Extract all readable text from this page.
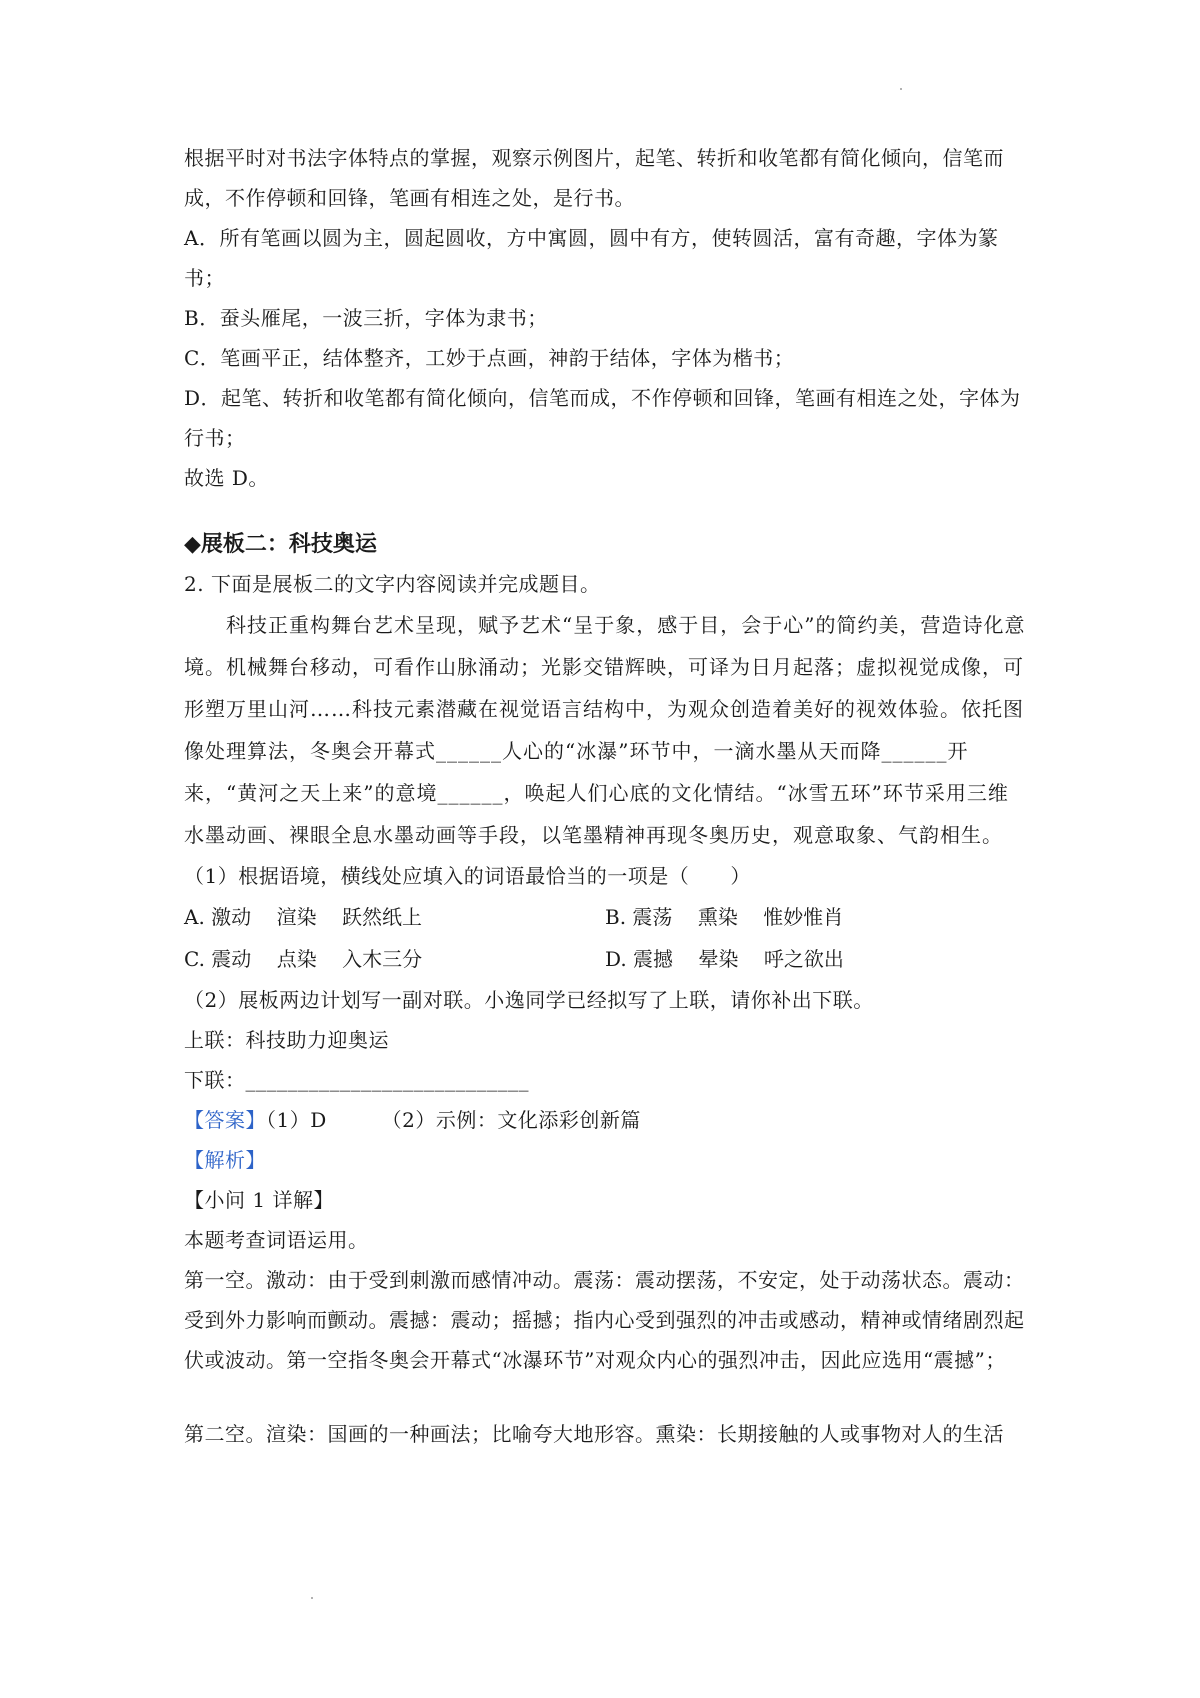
根据平时对书法字体特点的掌握，观察示例图片，起笔、转折和收笔都有简化倾向，信笔而成，不作停顿和回锋，笔画有相连之处，是行书。

A．所有笔画以圆为主，圆起圆收，方中寓圆，圆中有方，使转圆活，富有奇趣，字体为篆书；

B．蚕头雁尾，一波三折，字体为隶书；

C．笔画平正，结体整齐，工妙于点画，神韵于结体，字体为楷书；

D．起笔、转折和收笔都有简化倾向，信笔而成，不作停顿和回锋，笔画有相连之处，字体为行书；

故选 D。

◆展板二：科技奥运

2. 下面是展板二的文字内容阅读并完成题目。

科技正重构舞台艺术呈现，赋予艺术“呈于象，感于目，会于心”的简约美，营造诗化意境。机械舞台移动，可看作山脉涌动；光影交错辉映，可译为日月起落；虚拟视觉成像，可形塑万里山河……科技元素潜藏在视觉语言结构中，为观众创造着美好的视效体验。依托图像处理算法，冬奥会开幕式______人心的“冰瀑”环节中，一滴水墨从天而降______开来，“黄河之天上来”的意境______，唤起人们心底的文化情结。“冰雪五环”环节采用三维水墨动画、裸眼全息水墨动画等手段，以笔墨精神再现冬奥历史，观意取象、气韵相生。

（1）根据语境，横线处应填入的词语最恰当的一项是（      ）

A. 激动    渲染    跃然纸上	B. 震荡    熏染    惟妙惟肖
C. 震动    点染    入木三分	D. 震撼    晕染    呼之欲出

（2）展板两边计划写一副对联。小逸同学已经拟写了上联，请你补出下联。

上联：科技助力迎奥运

下联：___________________________

【答案】（1）D        （2）示例：文化添彩创新篇

【解析】

【小问 1 详解】

本题考查词语运用。

第一空。激动：由于受到刺激而感情冲动。震荡：震动摆荡，不安定，处于动荡状态。震动：受到外力影响而颤动。震撼：震动；摇撼；指内心受到强烈的冲击或感动，精神或情绪剧烈起伏或波动。第一空指冬奥会开幕式“冰瀑环节”对观众内心的强烈冲击，因此应选用“震撼”；

第二空。渲染：国画的一种画法；比喻夸大地形容。熏染：长期接触的人或事物对人的生活
